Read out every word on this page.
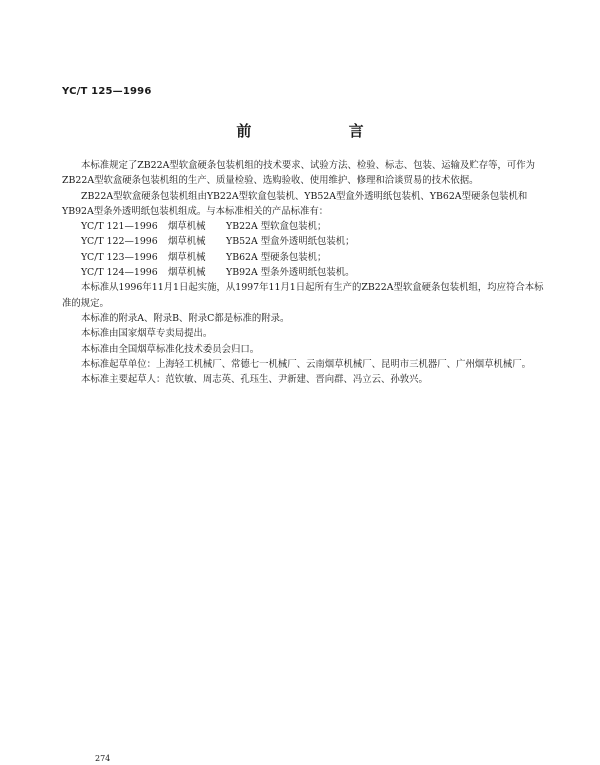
YC/T 125—1996
前 言

本标准规定了ZB22A型软盒硬条包装机组的技术要求、试验方法、检验、标志、包装、运输及贮存等，可作为ZB22A型软盒硬条包装机组的生产、质量检验、选购验收、使用维护、修理和洽谈贸易的技术依据。

ZB22A型软盒硬条包装机组由YB22A型软盒包装机、YB52A型盒外透明纸包装机、YB62A型硬条包装机和YB92A型条外透明纸包装机组成。与本标准相关的产品标准有：

YC/T 121—1996 烟草机械 YB22A 型软盒包装机；
YC/T 122—1996 烟草机械 YB52A 型盒外透明纸包装机；
YC/T 123—1996 烟草机械 YB62A 型硬条包装机；
YC/T 124—1996 烟草机械 YB92A 型条外透明纸包装机。

本标准从1996年11月1日起实施，从1997年11月1日起所有生产的ZB22A型软盒硬条包装机组，均应符合本标准的规定。

本标准的附录A、附录B、附录C都是标准的附录。

本标准由国家烟草专卖局提出。

本标准由全国烟草标准化技术委员会归口。

本标准起草单位：上海轻工机械厂、常德七一机械厂、云南烟草机械厂、昆明市三机器厂、广州烟草机械厂。

本标准主要起草人：范钦敏、周志英、孔珏生、尹新建、晋向群、冯立云、孙敦兴。

274
